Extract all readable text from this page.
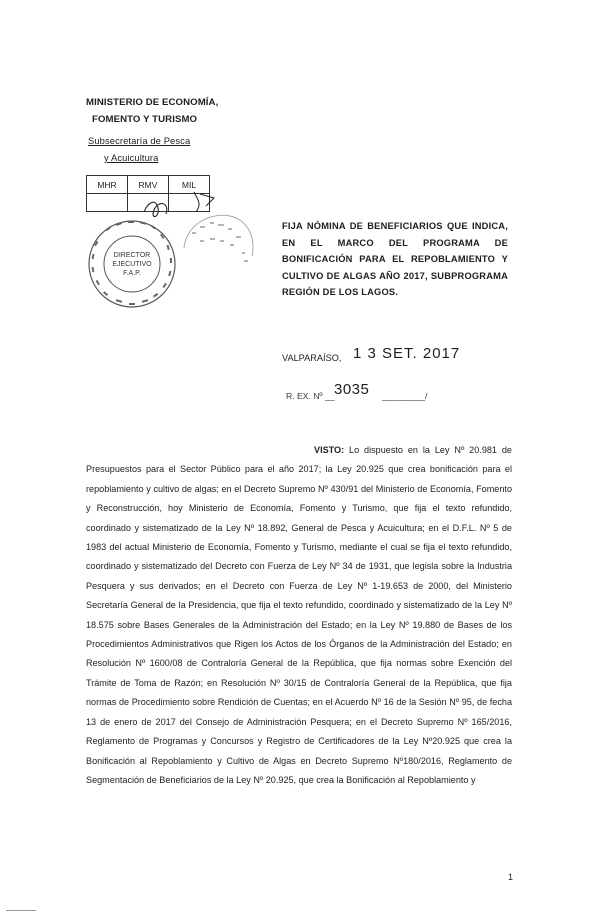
MINISTERIO DE ECONOMÍA,
FOMENTO Y TURISMO
Subsecretaría de Pesca
y Acuicultura
MHR	RMV	MIL

DIRECTOR
EJECUTIVO
F.A.P.
FIJA NÓMINA DE BENEFICIARIOS QUE INDICA, EN EL MARCO DEL PROGRAMA DE BONIFICACIÓN PARA EL REPOBLAMIENTO Y CULTIVO DE ALGAS AÑO 2017, SUBPROGRAMA REGIÓN DE LOS LAGOS.
VALPARAÍSO, 1 3 SET. 2017
R. EX. Nº __ 3035 _________/
VISTO: Lo dispuesto en la Ley Nº 20.981 de Presupuestos para el Sector Público para el año 2017; la Ley 20.925 que crea bonificación para el repoblamiento y cultivo de algas; en el Decreto Supremo Nº 430/91 del Ministerio de Economía, Fomento y Reconstrucción, hoy Ministerio de Economía, Fomento y Turismo, que fija el texto refundido, coordinado y sistematizado de la Ley Nº 18.892, General de Pesca y Acuicultura; en el D.F.L. Nº 5 de 1983 del actual Ministerio de Economía, Fomento y Turismo, mediante el cual se fija el texto refundido, coordinado y sistematizado del Decreto con Fuerza de Ley Nº 34 de 1931, que legisla sobre la Industria Pesquera y sus derivados; en el Decreto con Fuerza de Ley Nº 1-19.653 de 2000, del Ministerio Secretaría General de la Presidencia, que fija el texto refundido, coordinado y sistematizado de la Ley Nº 18.575 sobre Bases Generales de la Administración del Estado; en la Ley Nº 19.880 de Bases de los Procedimientos Administrativos que Rigen los Actos de los Órganos de la Administración del Estado; en Resolución Nº 1600/08 de Contraloría General de la República, que fija normas sobre Exención del Trámite de Toma de Razón; en Resolución Nº 30/15 de Contraloría General de la República, que fija normas de Procedimiento sobre Rendición de Cuentas; en el Acuerdo Nº 16 de la Sesión Nº 95, de fecha 13 de enero de 2017 del Consejo de Administración Pesquera; en el Decreto Supremo Nº 165/2016, Reglamento de Programas y Concursos y Registro de Certificadores de la Ley Nº20.925 que crea la Bonificación al Repoblamiento y Cultivo de Algas en Decreto Supremo Nº180/2016, Reglamento de Segmentación de Beneficiarios de la Ley Nº 20.925, que crea la Bonificación al Repoblamiento y
1
